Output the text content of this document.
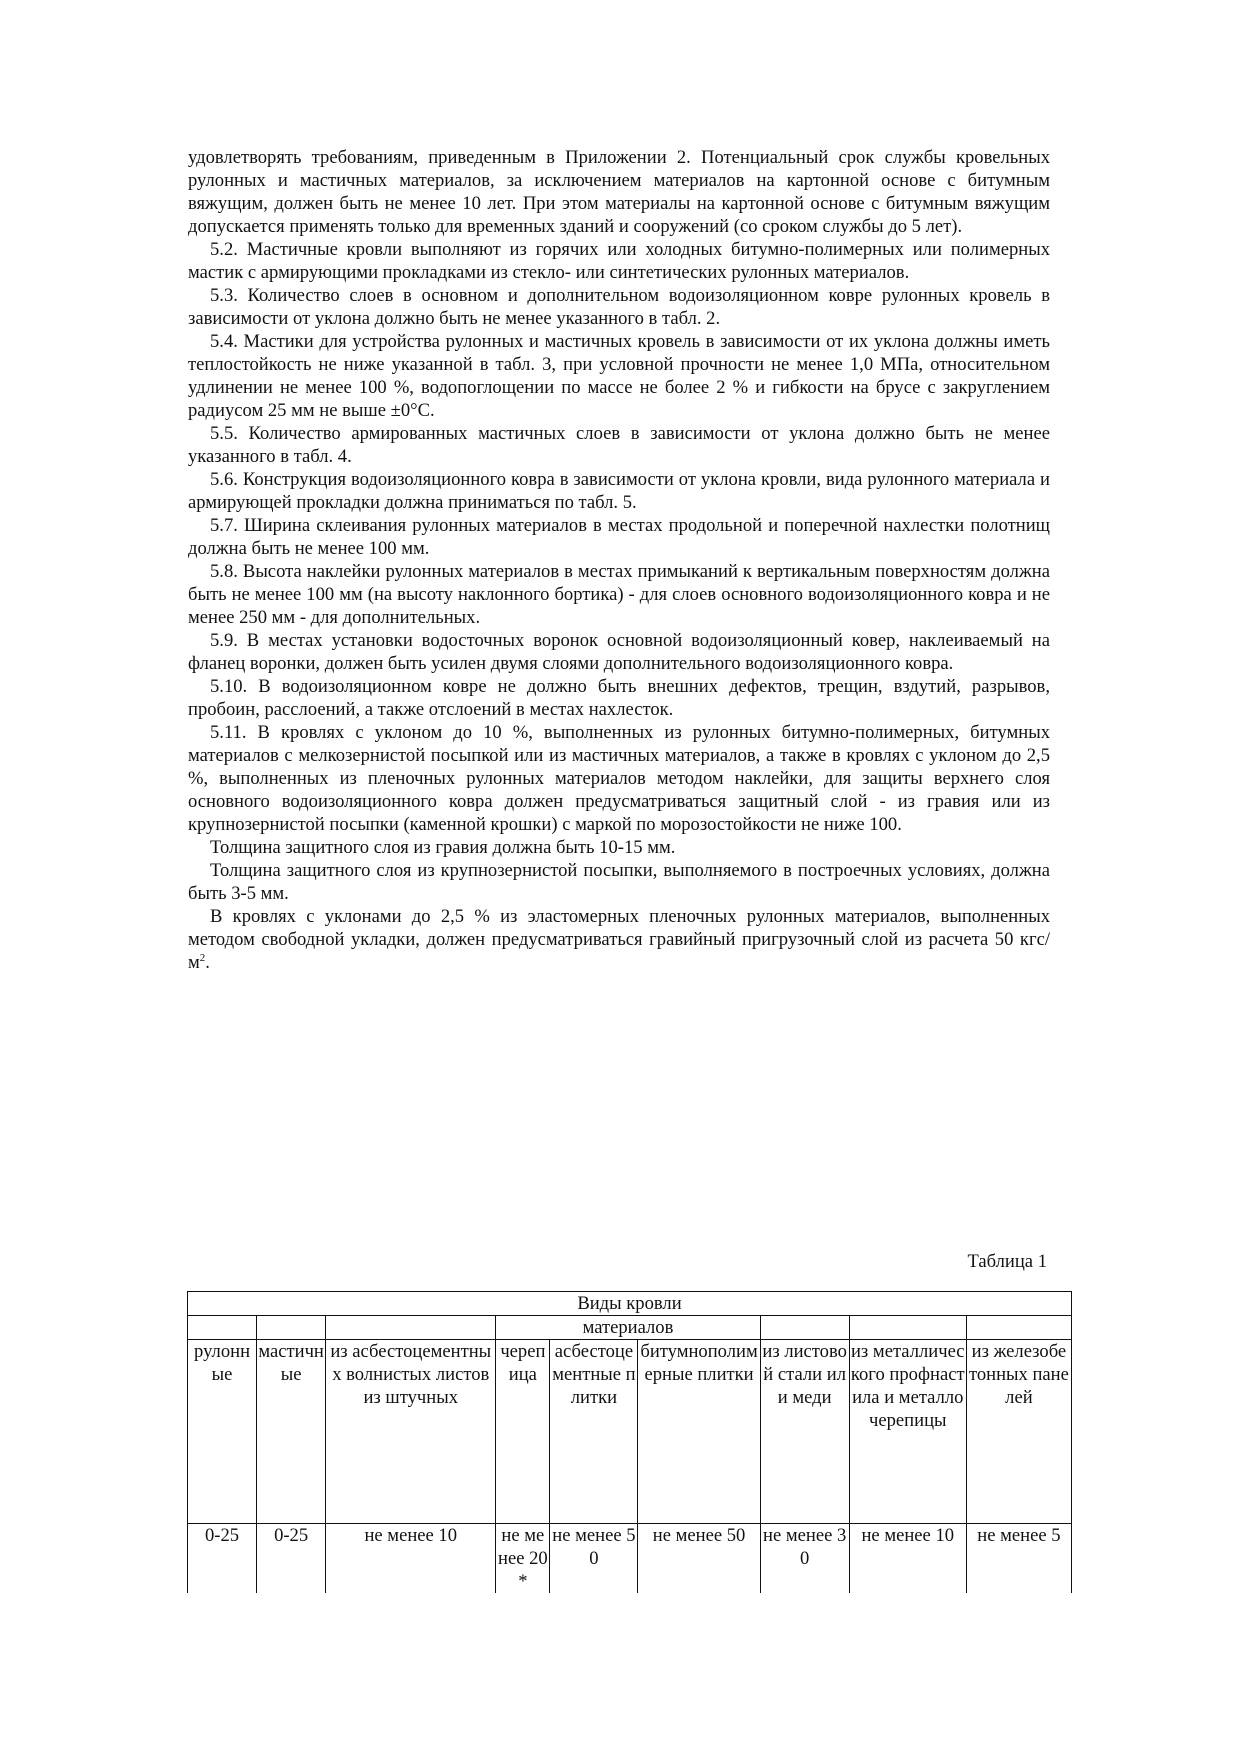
удовлетворять требованиям, приведенным в Приложении 2. Потенциальный срок службы кровельных рулонных и мастичных материалов, за исключением материалов на картонной основе с битумным вяжущим, должен быть не менее 10 лет. При этом материалы на картонной основе с битумным вяжущим допускается применять только для временных зданий и сооружений (со сроком службы до 5 лет).

5.2. Мастичные кровли выполняют из горячих или холодных битумно-полимерных или полимерных мастик с армирующими прокладками из стекло- или синтетических рулонных материалов.

5.3. Количество слоев в основном и дополнительном водоизоляционном ковре рулонных кровель в зависимости от уклона должно быть не менее указанного в табл. 2.

5.4. Мастики для устройства рулонных и мастичных кровель в зависимости от их уклона должны иметь теплостойкость не ниже указанной в табл. 3, при условной прочности не менее 1,0 МПа, относительном удлинении не менее 100 %, водопоглощении по массе не более 2 % и гибкости на брусе с закруглением радиусом 25 мм не выше ±0°С.

5.5. Количество армированных мастичных слоев в зависимости от уклона должно быть не менее указанного в табл. 4.

5.6. Конструкция водоизоляционного ковра в зависимости от уклона кровли, вида рулонного материала и армирующей прокладки должна приниматься по табл. 5.

5.7. Ширина склеивания рулонных материалов в местах продольной и поперечной нахлестки полотнищ должна быть не менее 100 мм.

5.8. Высота наклейки рулонных материалов в местах примыканий к вертикальным поверхностям должна быть не менее 100 мм (на высоту наклонного бортика) - для слоев основного водоизоляционного ковра и не менее 250 мм - для дополнительных.

5.9. В местах установки водосточных воронок основной водоизоляционный ковер, наклеиваемый на фланец воронки, должен быть усилен двумя слоями дополнительного водоизоляционного ковра.

5.10. В водоизоляционном ковре не должно быть внешних дефектов, трещин, вздутий, разрывов, пробоин, расслоений, а также отслоений в местах нахлесток.

5.11. В кровлях с уклоном до 10 %, выполненных из рулонных битумно-полимерных, битумных материалов с мелкозернистой посыпкой или из мастичных материалов, а также в кровлях с уклоном до 2,5 %, выполненных из пленочных рулонных материалов методом наклейки, для защиты верхнего слоя основного водоизоляционного ковра должен предусматриваться защитный слой - из гравия или из крупнозернистой посыпки (каменной крошки) с маркой по морозостойкости не ниже 100.

Толщина защитного слоя из гравия должна быть 10-15 мм.

Толщина защитного слоя из крупнозернистой посыпки, выполняемого в построечных условиях, должна быть 3-5 мм.

В кровлях с уклонами до 2,5 % из эластомерных пленочных рулонных материалов, выполненных методом свободной укладки, должен предусматриваться гравийный пригрузочный слой из расчета 50 кгс/$м^2$.

Таблица 1
Виды кровли								
			материалов					

рулонные	мастичные	из асбестоцементных волнистых листов из штучных	черепица	асбестоцементные плитки	битумнополимерные плитки	из листовой стали или меди	из металлического профнастила и металлочерепицы	из железобетонных панелей
0-25	0-25	не менее 10	не менее 20*	не менее 50	не менее 50	не менее 30	не менее 10	не менее 5
